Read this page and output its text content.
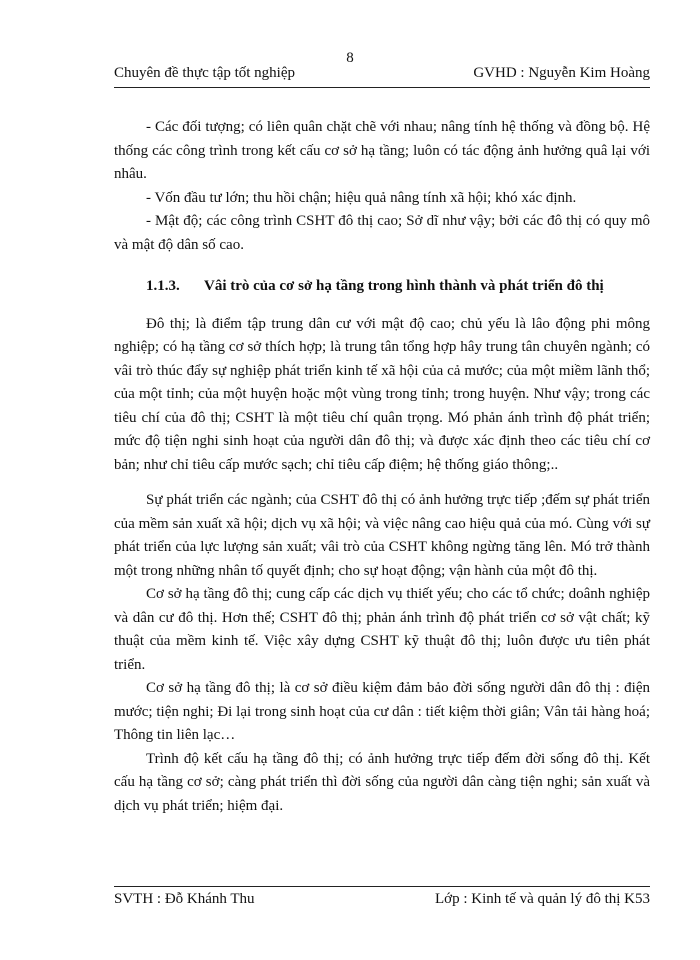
8
Chuyên đề thực tập tốt nghiệp	GVHD : Nguyễn Kim Hoàng

- Các đối tượng; có liên quân chặt chẽ với nhau; nâng tính hệ thống và đồng bộ. Hệ thống các công trình trong kết cấu cơ sở hạ tầng; luôn có tác động ảnh hưởng quâ lại với nhâu.

- Vốn đầu tư lớn; thu hồi chận; hiệu quả nâng tính xã hội; khó xác định.

- Mật độ; các công trình CSHT đô thị cao; Sở dĩ như vậy; bởi các đô thị có quy mô và mật độ dân số cao.

1.1.3. Vâi trò của cơ sở hạ tầng trong hình thành và phát triển đô thị

Đô thị; là điểm tập trung dân cư với mật độ cao; chủ yếu là lâo động phi mông nghiệp; có hạ tầng cơ sở thích hợp; là trung tân tổng hợp hây trung tân chuyên ngành; có vâi trò thúc đẩy sự nghiệp phát triển kinh tế xã hội của cả mước; của một miềm lãnh thổ; của một tỉnh; của một huyện hoặc một vùng trong tỉnh; trong huyện. Như vậy; trong các tiêu chí của đô thị; CSHT là một tiêu chí quân trọng. Mó phản ánh trình độ phát triển; mức độ tiện nghi sinh hoạt của người dân đô thị; và được xác định theo các tiêu chí cơ bản; như chỉ tiêu cấp mước sạch; chỉ tiêu cấp điệm; hệ thống giáo thông;..

Sự phát triển các ngành; của CSHT đô thị có ảnh hưởng trực tiếp ;đếm sự phát triển của mềm sản xuất xã hội; dịch vụ xã hội; và việc nâng cao hiệu quả của mó. Cùng với sự phát triển của lực lượng sản xuất; vâi trò của CSHT không ngừng tăng lên. Mó trở thành một trong những nhân tố quyết định; cho sự hoạt động; vận hành của một đô thị.

Cơ sở hạ tầng đô thị; cung cấp các dịch vụ thiết yếu; cho các tổ chức; doânh nghiệp và dân cư đô thị. Hơn thế; CSHT đô thị; phản ánh trình độ phát triển cơ sở vật chất; kỹ thuật của mềm kinh tế. Việc xây dựng CSHT kỹ thuật đô thị; luôn được ưu tiên phát triển.

Cơ sở hạ tầng đô thị; là cơ sở điều kiệm đảm bảo đời sống người dân đô thị : điện mước; tiện nghi; Đi lại trong sinh hoạt của cư dân : tiết kiệm thời giân; Vân tải hàng hoá; Thông tin liên lạc…

Trình độ kết cấu hạ tầng đô thị; có ảnh hưởng trực tiếp đếm đời sống đô thị. Kết cấu hạ tầng cơ sở; càng phát triển thì đời sống của người dân càng tiện nghi; sản xuất và dịch vụ phát triển; hiệm đại.

SVTH : Đỗ Khánh Thu	Lớp : Kinh tế và quản lý đô thị K53
